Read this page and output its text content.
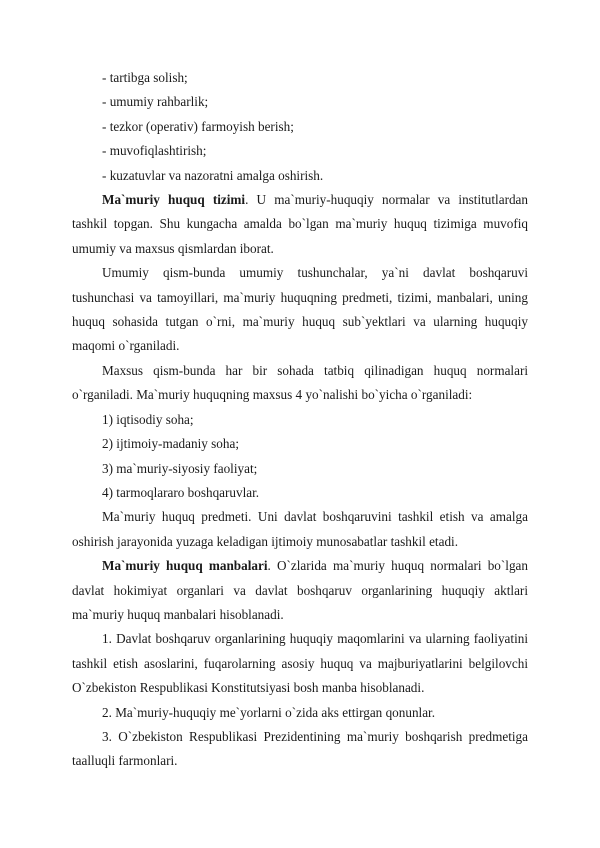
- tartibga solish;

- umumiy rahbarlik;

- tezkor (operativ) farmoyish berish;

- muvofiqlashtirish;

- kuzatuvlar va nazoratni amalga oshirish.

Ma`muriy huquq tizimi. U ma`muriy-huquqiy normalar va institutlardan tashkil topgan. Shu kungacha amalda bo`lgan ma`muriy huquq tizimiga muvofiq umumiy va maxsus qismlardan iborat.

Umumiy qism-bunda umumiy tushunchalar, ya`ni davlat boshqaruvi tushunchasi va tamoyillari, ma`muriy huquqning predmeti, tizimi, manbalari, uning huquq sohasida tutgan o`rni, ma`muriy huquq sub`yektlari va ularning huquqiy maqomi o`rganiladi.

Maxsus qism-bunda har bir sohada tatbiq qilinadigan huquq normalari o`rganiladi. Ma`muriy huquqning maxsus 4 yo`nalishi bo`yicha o`rganiladi:

1) iqtisodiy soha;

2) ijtimoiy-madaniy soha;

3) ma`muriy-siyosiy faoliyat;

4) tarmoqlararo boshqaruvlar.

Ma`muriy huquq predmeti. Uni davlat boshqaruvini tashkil etish va amalga oshirish jarayonida yuzaga keladigan ijtimoiy munosabatlar tashkil etadi.

Ma`muriy huquq manbalari. O`zlarida ma`muriy huquq normalari bo`lgan davlat hokimiyat organlari va davlat boshqaruv organlarining huquqiy aktlari ma`muriy huquq manbalari hisoblanadi.

1. Davlat boshqaruv organlarining huquqiy maqomlarini va ularning faoliyatini tashkil etish asoslarini, fuqarolarning asosiy huquq va majburiyatlarini belgilovchi O`zbekiston Respublikasi Konstitutsiyasi bosh manba hisoblanadi.

2. Ma`muriy-huquqiy me`yorlarni o`zida aks ettirgan qonunlar.

3. O`zbekiston Respublikasi Prezidentining ma`muriy boshqarish predmetiga taalluqli farmonlari.
